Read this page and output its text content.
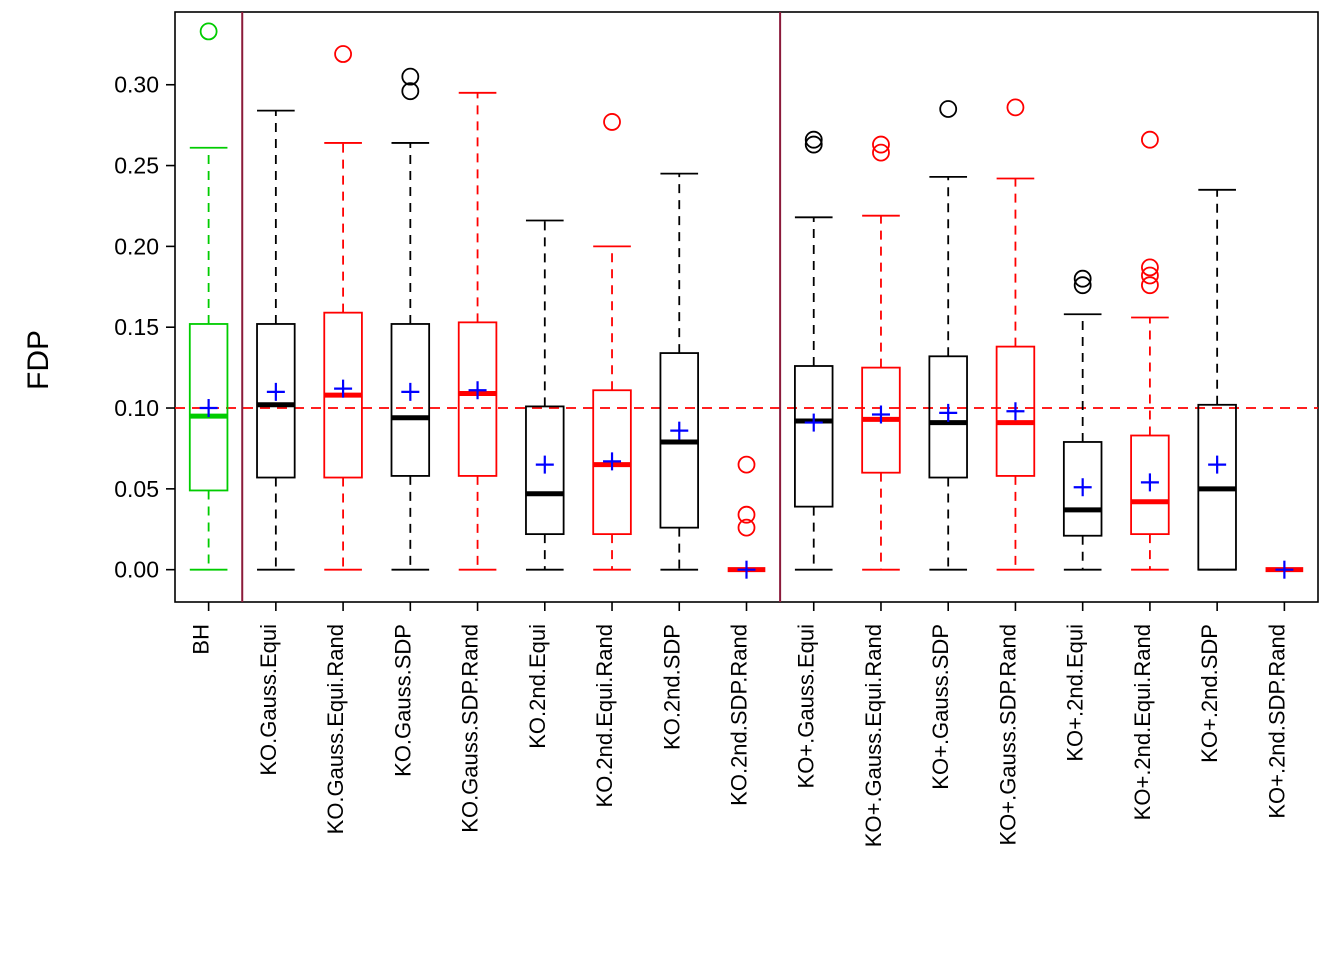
0.00
0.05
0.10
0.15
0.20
0.25
0.30
FDP
BH KO.Gauss.Equi KO.Gauss.Equi.Rand KO.Gauss.SDP KO.Gauss.SDP.Rand KO.2nd.Equi KO.2nd.Equi.Rand KO.2nd.SDP KO.2nd.SDP.Rand KO+.Gauss.Equi KO+.Gauss.Equi.Rand KO+.Gauss.SDP KO+.Gauss.SDP.Rand KO+.2nd.Equi KO+.2nd.Equi.Rand KO+.2nd.SDP KO+.2nd.SDP.Rand
